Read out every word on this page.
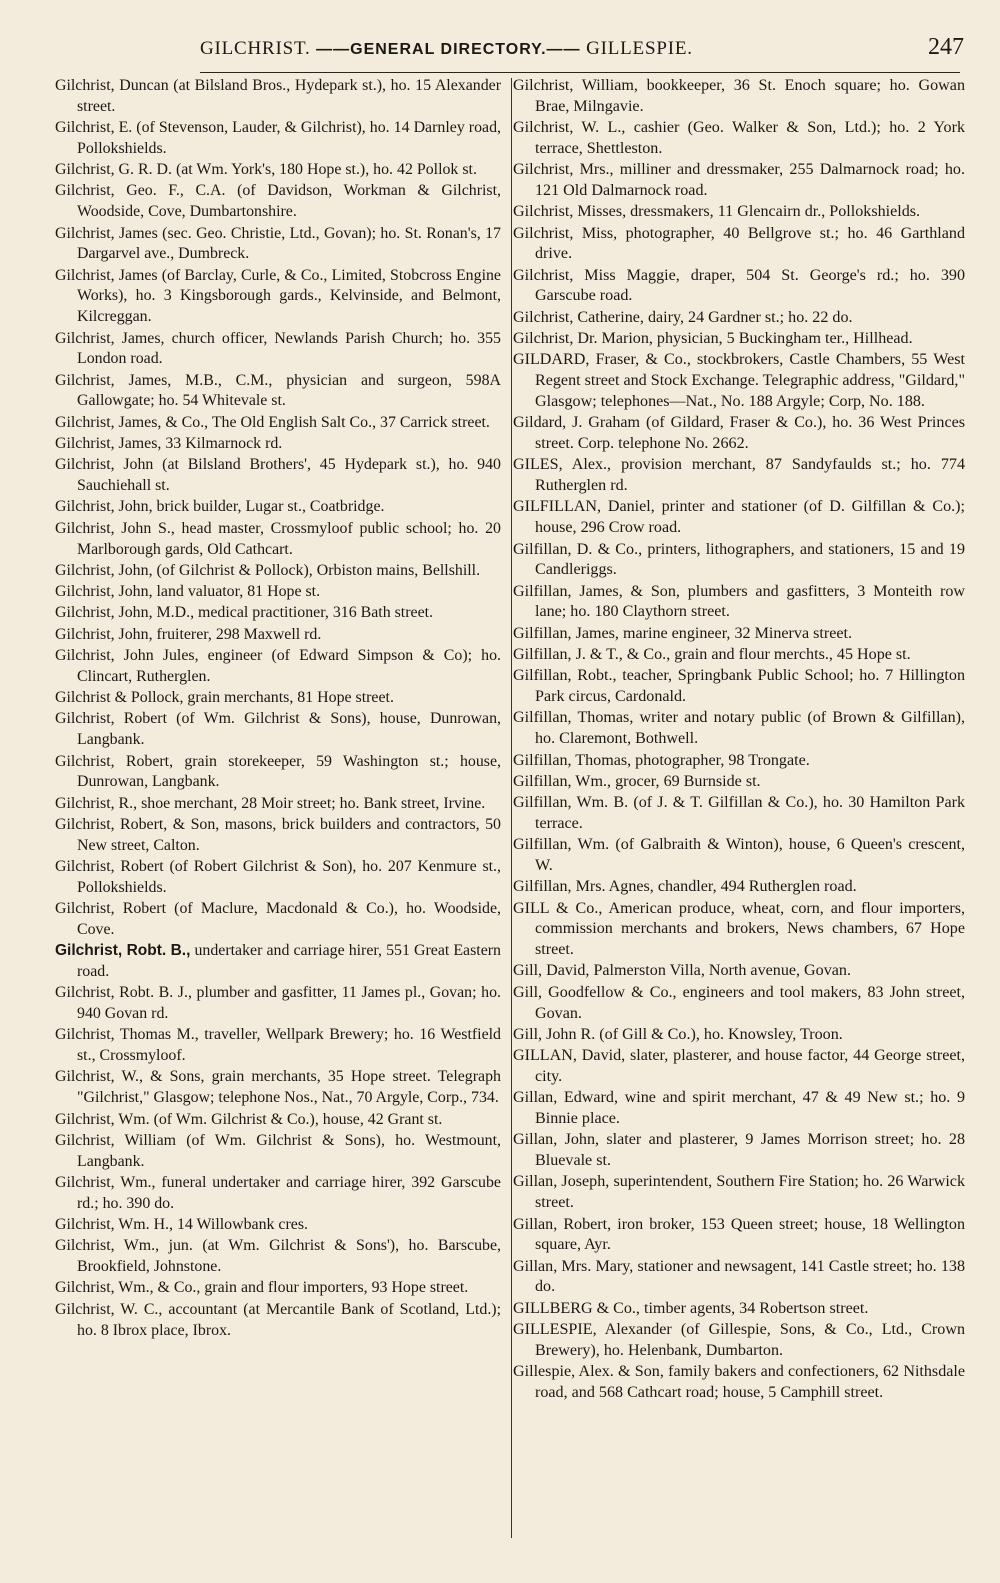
GILCHRIST. ——GENERAL DIRECTORY.—— GILLESPIE.	247

Gilchrist, Duncan (at Bilsland Bros., Hydepark st.), ho. 15 Alexander street.

Gilchrist, E. (of Stevenson, Lauder, & Gilchrist), ho. 14 Darnley road, Pollokshields.

Gilchrist, G. R. D. (at Wm. York's, 180 Hope st.), ho. 42 Pollok st.

Gilchrist, Geo. F., C.A. (of Davidson, Workman & Gilchrist, Woodside, Cove, Dumbartonshire.

Gilchrist, James (sec. Geo. Christie, Ltd., Govan); ho. St. Ronan's, 17 Dargarvel ave., Dumbreck.

Gilchrist, James (of Barclay, Curle, & Co., Limited, Stobcross Engine Works), ho. 3 Kingsborough gards., Kelvinside, and Belmont, Kilcreggan.

Gilchrist, James, church officer, Newlands Parish Church; ho. 355 London road.

Gilchrist, James, M.B., C.M., physician and surgeon, 598A Gallowgate; ho. 54 Whitevale st.

Gilchrist, James, & Co., The Old English Salt Co., 37 Carrick street.

Gilchrist, James, 33 Kilmarnock rd.

Gilchrist, John (at Bilsland Brothers', 45 Hydepark st.), ho. 940 Sauchiehall st.

Gilchrist, John, brick builder, Lugar st., Coatbridge.

Gilchrist, John S., head master, Crossmyloof public school; ho. 20 Marlborough gards, Old Cathcart.

Gilchrist, John, (of Gilchrist & Pollock), Orbiston mains, Bellshill.

Gilchrist, John, land valuator, 81 Hope st.

Gilchrist, John, M.D., medical practitioner, 316 Bath street.

Gilchrist, John, fruiterer, 298 Maxwell rd.

Gilchrist, John Jules, engineer (of Edward Simpson & Co); ho. Clincart, Rutherglen.

Gilchrist & Pollock, grain merchants, 81 Hope street.

Gilchrist, Robert (of Wm. Gilchrist & Sons), house, Dunrowan, Langbank.

Gilchrist, Robert, grain storekeeper, 59 Washington st.; house, Dunrowan, Langbank.

Gilchrist, R., shoe merchant, 28 Moir street; ho. Bank street, Irvine.

Gilchrist, Robert, & Son, masons, brick builders and contractors, 50 New street, Calton.

Gilchrist, Robert (of Robert Gilchrist & Son), ho. 207 Kenmure st., Pollokshields.

Gilchrist, Robert (of Maclure, Macdonald & Co.), ho. Woodside, Cove.

Gilchrist, Robt. B., undertaker and carriage hirer, 551 Great Eastern road.

Gilchrist, Robt. B. J., plumber and gasfitter, 11 James pl., Govan; ho. 940 Govan rd.

Gilchrist, Thomas M., traveller, Wellpark Brewery; ho. 16 Westfield st., Crossmyloof.

Gilchrist, W., & Sons, grain merchants, 35 Hope street. Telegraph "Gilchrist," Glasgow; telephone Nos., Nat., 70 Argyle, Corp., 734.

Gilchrist, Wm. (of Wm. Gilchrist & Co.), house, 42 Grant st.

Gilchrist, William (of Wm. Gilchrist & Sons), ho. Westmount, Langbank.

Gilchrist, Wm., funeral undertaker and carriage hirer, 392 Garscube rd.; ho. 390 do.

Gilchrist, Wm. H., 14 Willowbank cres.

Gilchrist, Wm., jun. (at Wm. Gilchrist & Sons'), ho. Barscube, Brookfield, Johnstone.

Gilchrist, Wm., & Co., grain and flour importers, 93 Hope street.

Gilchrist, W. C., accountant (at Mercantile Bank of Scotland, Ltd.); ho. 8 Ibrox place, Ibrox.

Gilchrist, William, bookkeeper, 36 St. Enoch square; ho. Gowan Brae, Milngavie.

Gilchrist, W. L., cashier (Geo. Walker & Son, Ltd.); ho. 2 York terrace, Shettleston.

Gilchrist, Mrs., milliner and dressmaker, 255 Dalmarnock road; ho. 121 Old Dalmarnock road.

Gilchrist, Misses, dressmakers, 11 Glencairn dr., Pollokshields.

Gilchrist, Miss, photographer, 40 Bellgrove st.; ho. 46 Garthland drive.

Gilchrist, Miss Maggie, draper, 504 St. George's rd.; ho. 390 Garscube road.

Gilchrist, Catherine, dairy, 24 Gardner st.; ho. 22 do.

Gilchrist, Dr. Marion, physician, 5 Buckingham ter., Hillhead.

GILDARD, Fraser, & Co., stockbrokers, Castle Chambers, 55 West Regent street and Stock Exchange. Telegraphic address, "Gildard," Glasgow; telephones—Nat., No. 188 Argyle; Corp, No. 188.

Gildard, J. Graham (of Gildard, Fraser & Co.), ho. 36 West Princes street. Corp. telephone No. 2662.

GILES, Alex., provision merchant, 87 Sandyfaulds st.; ho. 774 Rutherglen rd.

GILFILLAN, Daniel, printer and stationer (of D. Gilfillan & Co.); house, 296 Crow road.

Gilfillan, D. & Co., printers, lithographers, and stationers, 15 and 19 Candleriggs.

Gilfillan, James, & Son, plumbers and gasfitters, 3 Monteith row lane; ho. 180 Claythorn street.

Gilfillan, James, marine engineer, 32 Minerva street.

Gilfillan, J. & T., & Co., grain and flour merchts., 45 Hope st.

Gilfillan, Robt., teacher, Springbank Public School; ho. 7 Hillington Park circus, Cardonald.

Gilfillan, Thomas, writer and notary public (of Brown & Gilfillan), ho. Claremont, Bothwell.

Gilfillan, Thomas, photographer, 98 Trongate.

Gilfillan, Wm., grocer, 69 Burnside st.

Gilfillan, Wm. B. (of J. & T. Gilfillan & Co.), ho. 30 Hamilton Park terrace.

Gilfillan, Wm. (of Galbraith & Winton), house, 6 Queen's crescent, W.

Gilfillan, Mrs. Agnes, chandler, 494 Rutherglen road.

GILL & Co., American produce, wheat, corn, and flour importers, commission merchants and brokers, News chambers, 67 Hope street.

Gill, David, Palmerston Villa, North avenue, Govan.

Gill, Goodfellow & Co., engineers and tool makers, 83 John street, Govan.

Gill, John R. (of Gill & Co.), ho. Knowsley, Troon.

GILLAN, David, slater, plasterer, and house factor, 44 George street, city.

Gillan, Edward, wine and spirit merchant, 47 & 49 New st.; ho. 9 Binnie place.

Gillan, John, slater and plasterer, 9 James Morrison street; ho. 28 Bluevale st.

Gillan, Joseph, superintendent, Southern Fire Station; ho. 26 Warwick street.

Gillan, Robert, iron broker, 153 Queen street; house, 18 Wellington square, Ayr.

Gillan, Mrs. Mary, stationer and newsagent, 141 Castle street; ho. 138 do.

GILLBERG & Co., timber agents, 34 Robertson street.

GILLESPIE, Alexander (of Gillespie, Sons, & Co., Ltd., Crown Brewery), ho. Helenbank, Dumbarton.

Gillespie, Alex. & Son, family bakers and confectioners, 62 Nithsdale road, and 568 Cathcart road; house, 5 Camphill street.
